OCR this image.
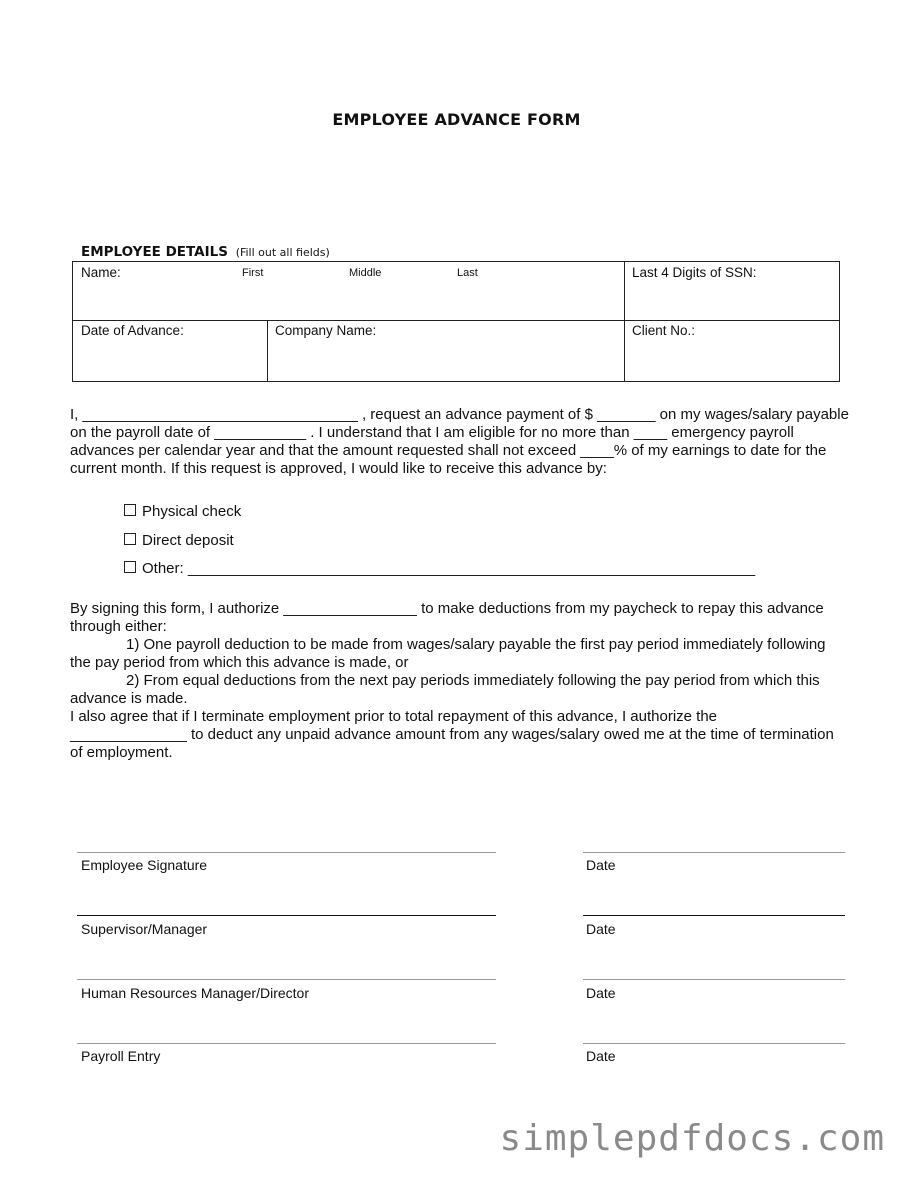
EMPLOYEE ADVANCE FORM
EMPLOYEE DETAILS (Fill out all fields)
Name:	First	Middle	Last	Last 4 Digits of SSN:
Date of Advance:	Company Name:	Client No.:
I, _________________________________ , request an advance payment of $ _______ on my wages/salary payable
on the payroll date of ___________ . I understand that I am eligible for no more than ____ emergency payroll
advances per calendar year and that the amount requested shall not exceed ____% of my earnings to date for the
current month. If this request is approved, I would like to receive this advance by:
Physical check
Direct deposit
Other: ____________________________________________________________________
By signing this form, I authorize ________________ to make deductions from my paycheck to repay this advance
through either:
1) One payroll deduction to be made from wages/salary payable the first pay period immediately following
the pay period from which this advance is made, or
2) From equal deductions from the next pay periods immediately following the pay period from which this
advance is made.
I also agree that if I terminate employment prior to total repayment of this advance, I authorize the
______________ to deduct any unpaid advance amount from any wages/salary owed me at the time of termination
of employment.
Employee Signature	Date
Supervisor/Manager	Date
Human Resources Manager/Director	Date
Payroll Entry	Date
simplepdfdocs.com
